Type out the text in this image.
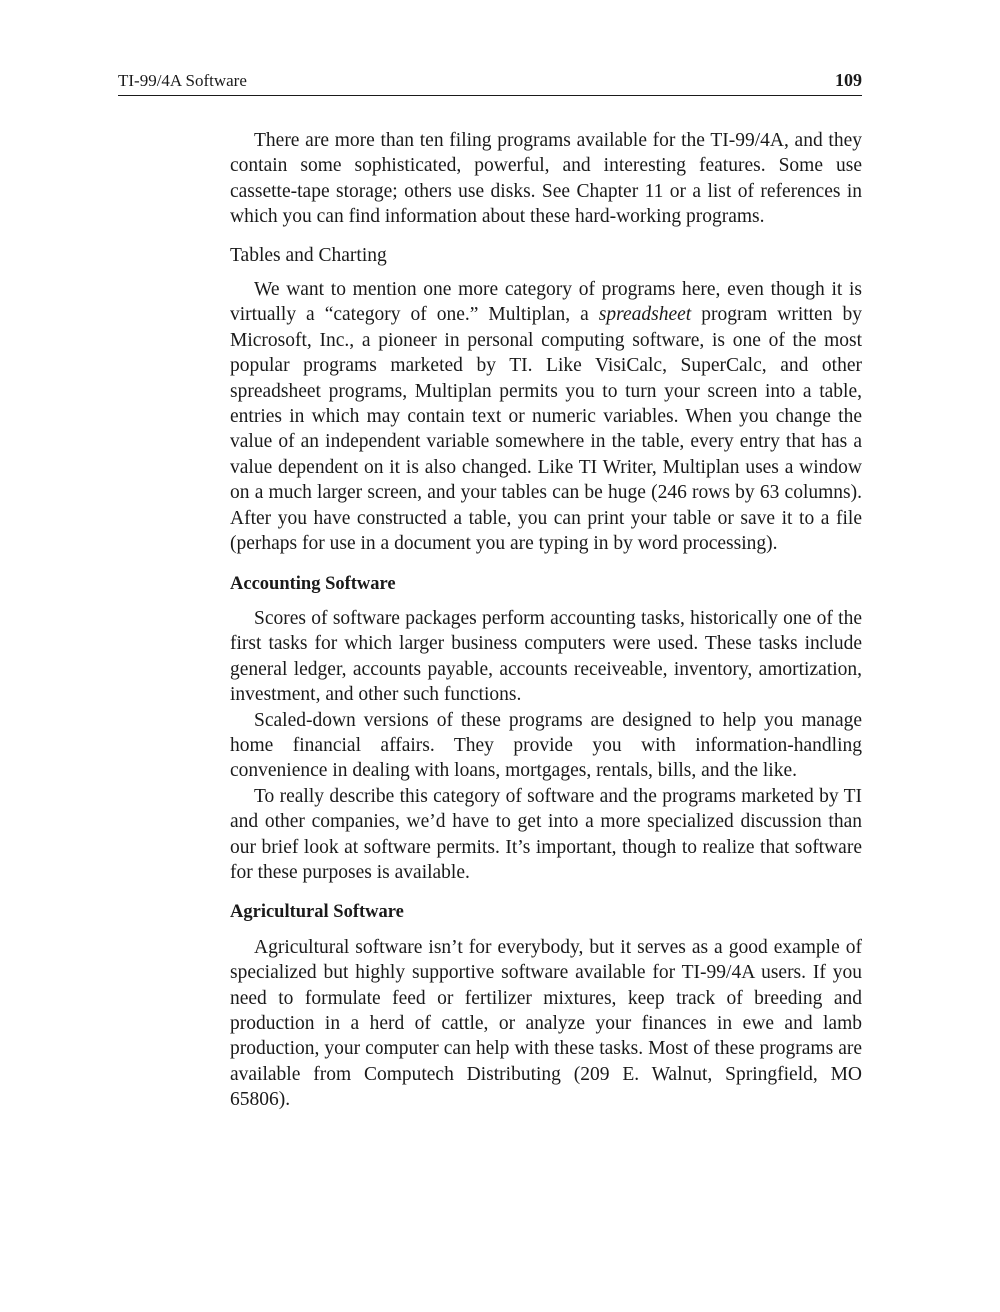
TI-99/4A Software	109

There are more than ten filing programs available for the TI-99/4A, and they contain some sophisticated, powerful, and interesting features. Some use cassette-tape storage; others use disks. See Chapter 11 or a list of references in which you can find information about these hard-working programs.

Tables and Charting

We want to mention one more category of programs here, even though it is virtually a “category of one.” Multiplan, a spreadsheet program written by Microsoft, Inc., a pioneer in personal computing software, is one of the most popular programs marketed by TI. Like VisiCalc, SuperCalc, and other spreadsheet programs, Multiplan permits you to turn your screen into a table, entries in which may contain text or numeric variables. When you change the value of an independent variable somewhere in the table, every entry that has a value dependent on it is also changed. Like TI Writer, Multiplan uses a window on a much larger screen, and your tables can be huge (246 rows by 63 columns). After you have constructed a table, you can print your table or save it to a file (perhaps for use in a document you are typing in by word processing).

Accounting Software

Scores of software packages perform accounting tasks, historically one of the first tasks for which larger business computers were used. These tasks include general ledger, accounts payable, accounts receiveable, inventory, amortization, investment, and other such functions.

Scaled-down versions of these programs are designed to help you manage home financial affairs. They provide you with information-handling convenience in dealing with loans, mortgages, rentals, bills, and the like.

To really describe this category of software and the programs marketed by TI and other companies, we’d have to get into a more specialized discussion than our brief look at software permits. It’s important, though to realize that software for these purposes is available.

Agricultural Software

Agricultural software isn’t for everybody, but it serves as a good example of specialized but highly supportive software available for TI-99/4A users. If you need to formulate feed or fertilizer mixtures, keep track of breeding and production in a herd of cattle, or analyze your finances in ewe and lamb production, your computer can help with these tasks. Most of these programs are available from Computech Distributing (209 E. Walnut, Springfield, MO 65806).
